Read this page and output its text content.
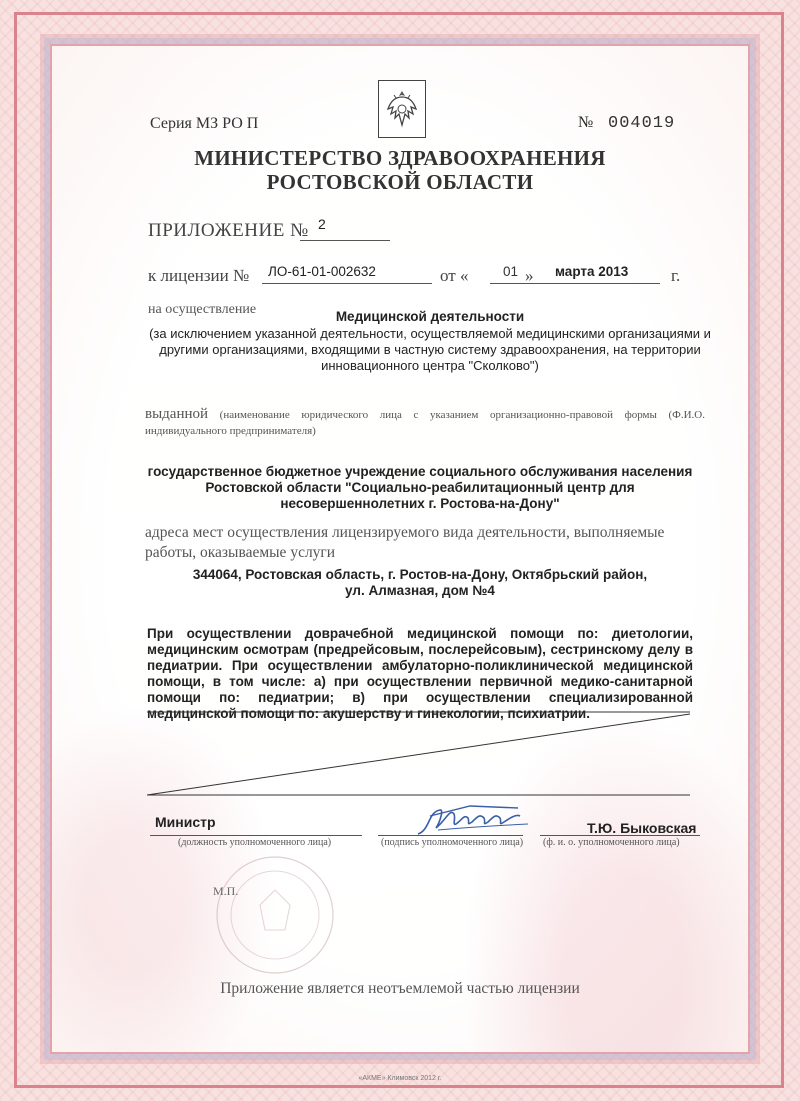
Серия МЗ РО П	№ 004019
МИНИСТЕРСТВО ЗДРАВООХРАНЕНИЯ
РОСТОВСКОЙ ОБЛАСТИ
ПРИЛОЖЕНИЕ № 2
к лицензии № ЛО-61-01-002632	от «	01 » марта 2013	г.
на осуществление	Медицинской деятельности
(за исключением указанной деятельности, осуществляемой медицинскими организациями и другими организациями, входящими в частную систему здравоохранения, на территории инновационного центра "Сколково")
выданной (наименование юридического лица с указанием организационно-правовой формы (Ф.И.О. индивидуального предпринимателя)
государственное бюджетное учреждение социального обслуживания населения Ростовской области "Социально-реабилитационный центр для несовершеннолетних г. Ростова-на-Дону"
адреса мест осуществления лицензируемого вида деятельности, выполняемые работы, оказываемые услуги
344064, Ростовская область, г. Ростов-на-Дону, Октябрьский район,
ул. Алмазная, дом №4
При осуществлении доврачебной медицинской помощи по: диетологии, медицинским осмотрам (предрейсовым, послерейсовым), сестринскому делу в педиатрии. При осуществлении амбулаторно-поликлинической медицинской помощи, в том числе: а) при осуществлении первичной медико-санитарной помощи по: педиатрии; в) при осуществлении специализированной медицинской помощи по: акушерству и гинекологии, психиатрии.
Министр
(должность уполномоченного лица)	(подпись уполномоченного лица)
Т.Ю. Быковская
(ф. и. о. уполномоченного лица)
М.П.
Приложение является неотъемлемой частью лицензии
«АКМЕ» Климовск 2012 г.
